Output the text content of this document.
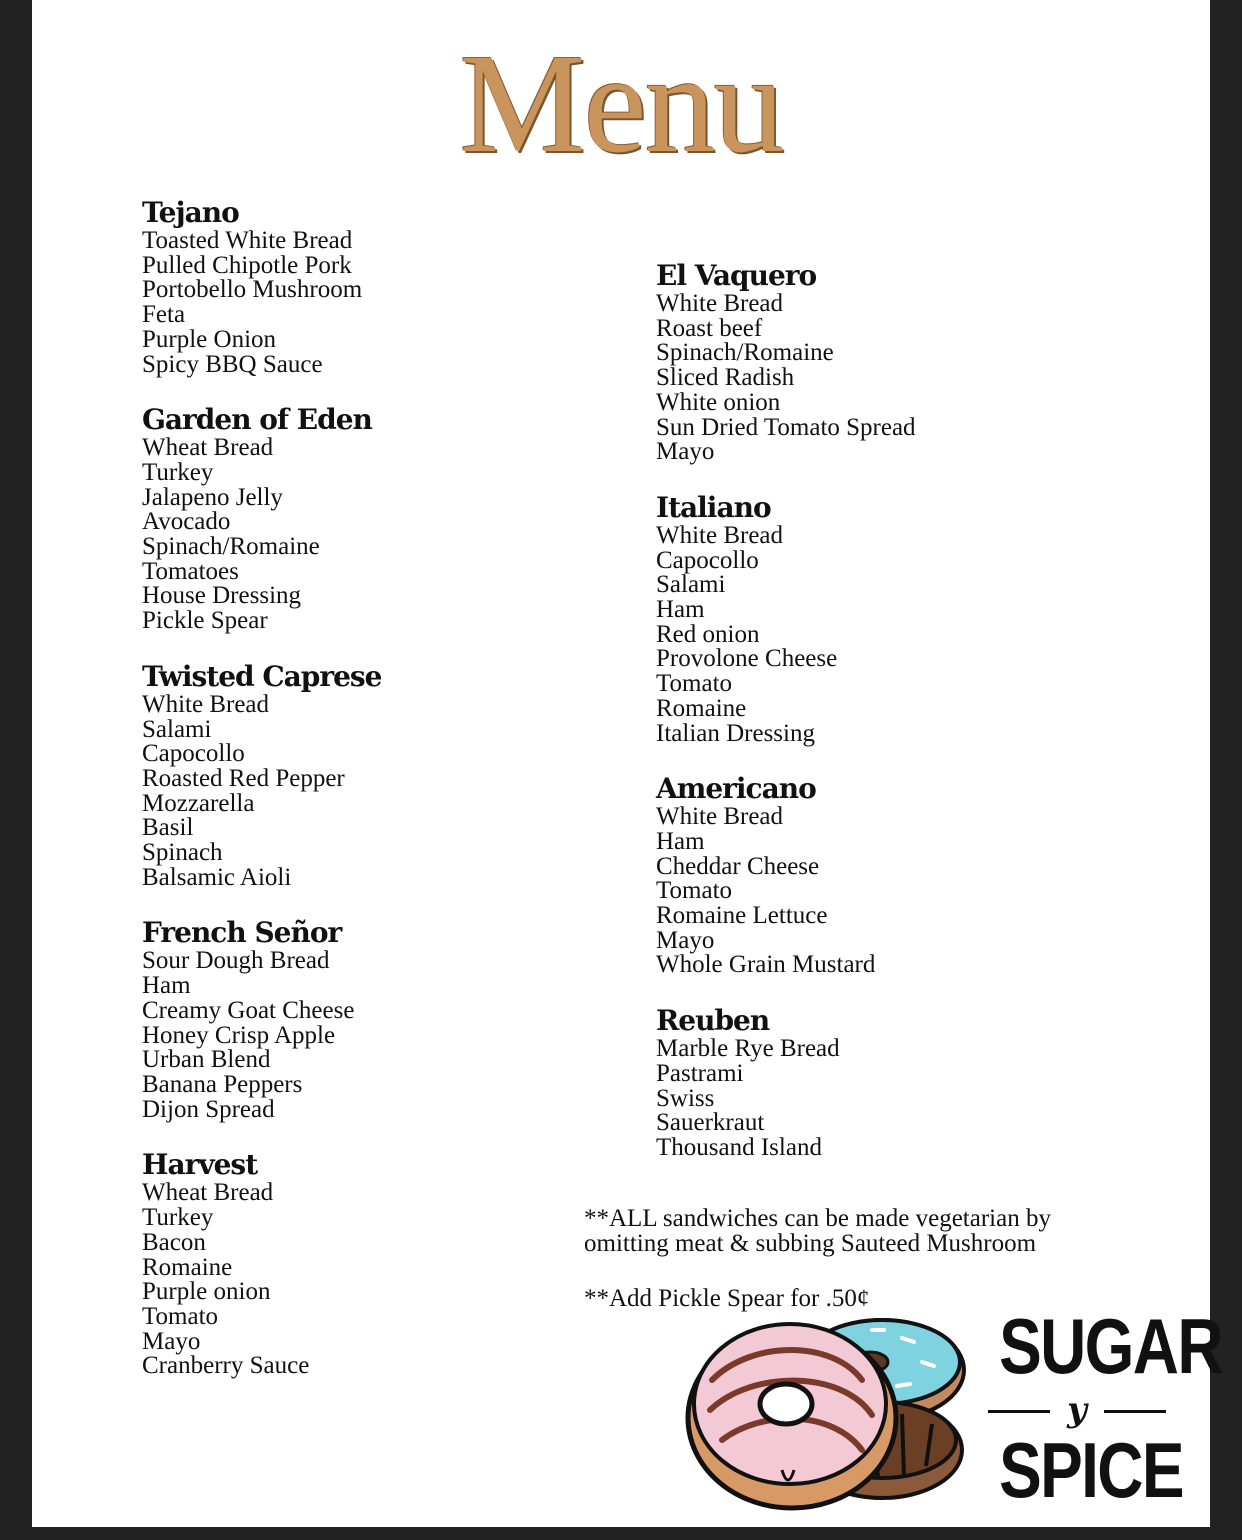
Menu
Tejano
Toasted White Bread
Pulled Chipotle Pork
Portobello Mushroom
Feta
Purple Onion
Spicy BBQ Sauce
Garden of Eden
Wheat Bread
Turkey
Jalapeno Jelly
Avocado
Spinach/Romaine
Tomatoes
House Dressing
Pickle Spear
Twisted Caprese
White Bread
Salami
Capocollo
Roasted Red Pepper
Mozzarella
Basil
Spinach
Balsamic Aioli
French Señor
Sour Dough Bread
Ham
Creamy Goat Cheese
Honey Crisp Apple
Urban Blend
Banana Peppers
Dijon Spread
Harvest
Wheat Bread
Turkey
Bacon
Romaine
Purple onion
Tomato
Mayo
Cranberry Sauce
El Vaquero
White Bread
Roast beef
Spinach/Romaine
Sliced Radish
White onion
Sun Dried Tomato Spread
Mayo
Italiano
White Bread
Capocollo
Salami
Ham
Red onion
Provolone Cheese
Tomato
Romaine
Italian Dressing
Americano
White Bread
Ham
Cheddar Cheese
Tomato
Romaine Lettuce
Mayo
Whole Grain Mustard
Reuben
Marble Rye Bread
Pastrami
Swiss
Sauerkraut
Thousand Island
**ALL sandwiches can be made vegetarian by
omitting meat & subbing Sauteed Mushroom
**Add Pickle Spear for .50¢
SUGAR
y
SPICE
